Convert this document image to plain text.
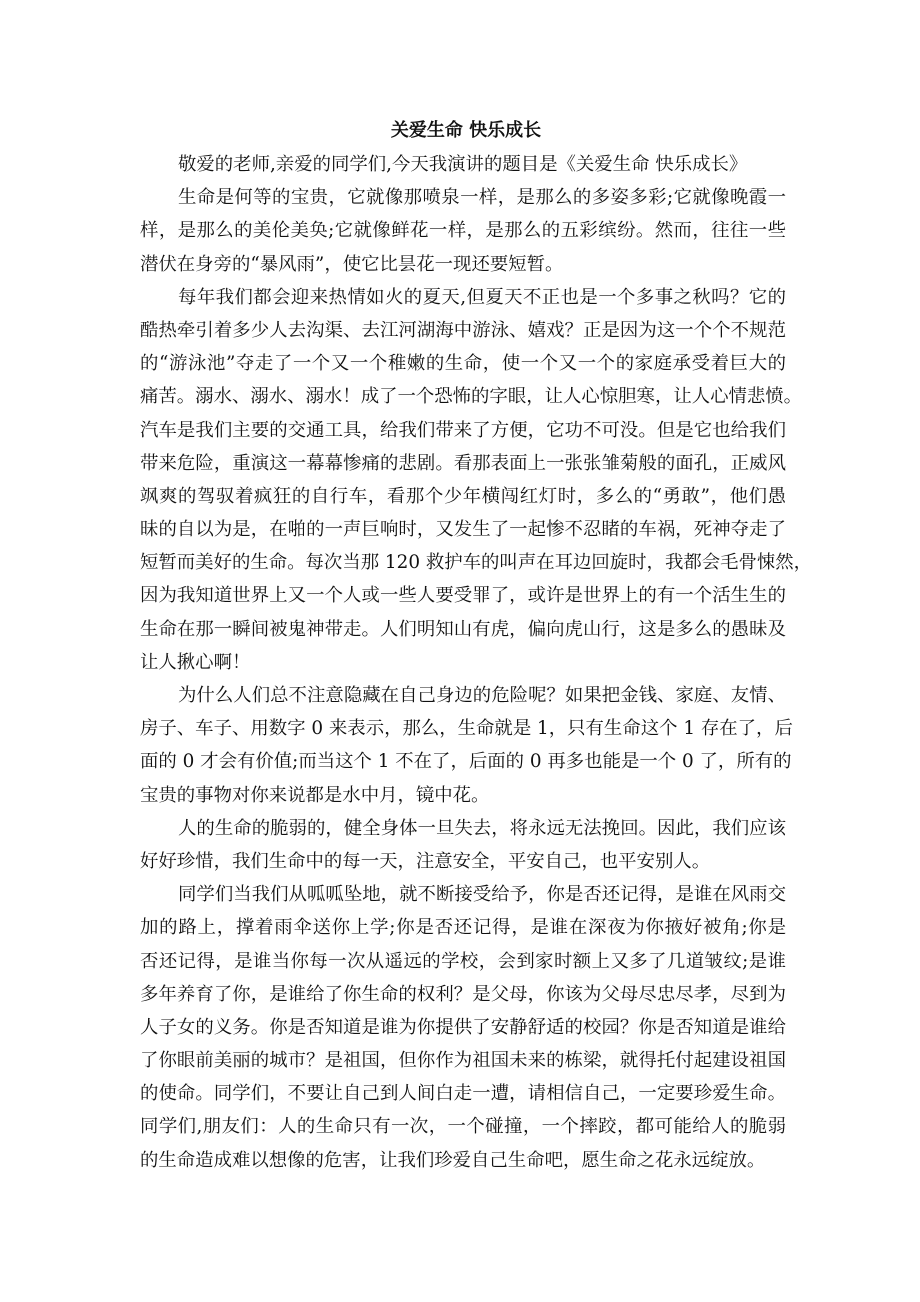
关爱生命 快乐成长

敬爱的老师,亲爱的同学们,今天我演讲的题目是《关爱生命 快乐成长》

生命是何等的宝贵，它就像那喷泉一样，是那么的多姿多彩;它就像晚霞一
样，是那么的美伦美奂;它就像鲜花一样，是那么的五彩缤纷。然而，往往一些
潜伏在身旁的“暴风雨”，使它比昙花一现还要短暂。

每年我们都会迎来热情如火的夏天,但夏天不正也是一个多事之秋吗？它的
酷热牵引着多少人去沟渠、去江河湖海中游泳、嬉戏？正是因为这一个个不规范
的“游泳池”夺走了一个又一个稚嫩的生命，使一个又一个的家庭承受着巨大的
痛苦。溺水、溺水、溺水！成了一个恐怖的字眼，让人心惊胆寒，让人心情悲愤。
汽车是我们主要的交通工具，给我们带来了方便，它功不可没。但是它也给我们
带来危险，重演这一幕幕惨痛的悲剧。看那表面上一张张雏菊般的面孔，正威风
飒爽的驾驭着疯狂的自行车，看那个少年横闯红灯时，多么的“勇敢”，他们愚
昧的自以为是，在啪的一声巨响时，又发生了一起惨不忍睹的车祸，死神夺走了
短暂而美好的生命。每次当那 120 救护车的叫声在耳边回旋时，我都会毛骨悚然，
因为我知道世界上又一个人或一些人要受罪了，或许是世界上的有一个活生生的
生命在那一瞬间被鬼神带走。人们明知山有虎，偏向虎山行，这是多么的愚昧及
让人揪心啊！

为什么人们总不注意隐藏在自己身边的危险呢？如果把金钱、家庭、友情、
房子、车子、用数字 0 来表示，那么，生命就是 1，只有生命这个 1 存在了，后
面的 0 才会有价值;而当这个 1 不在了，后面的 0 再多也能是一个 0 了，所有的
宝贵的事物对你来说都是水中月，镜中花。

人的生命的脆弱的，健全身体一旦失去，将永远无法挽回。因此，我们应该
好好珍惜，我们生命中的每一天，注意安全，平安自己，也平安别人。

同学们当我们从呱呱坠地，就不断接受给予，你是否还记得，是谁在风雨交
加的路上，撑着雨伞送你上学;你是否还记得，是谁在深夜为你掖好被角;你是
否还记得，是谁当你每一次从遥远的学校，会到家时额上又多了几道皱纹;是谁
多年养育了你，是谁给了你生命的权利？是父母，你该为父母尽忠尽孝，尽到为
人子女的义务。你是否知道是谁为你提供了安静舒适的校园？你是否知道是谁给
了你眼前美丽的城市？是祖国，但你作为祖国未来的栋梁，就得托付起建设祖国
的使命。同学们，不要让自己到人间白走一遭，请相信自己，一定要珍爱生命。
同学们,朋友们：人的生命只有一次，一个碰撞，一个摔跤，都可能给人的脆弱
的生命造成难以想像的危害，让我们珍爱自己生命吧，愿生命之花永远绽放。
